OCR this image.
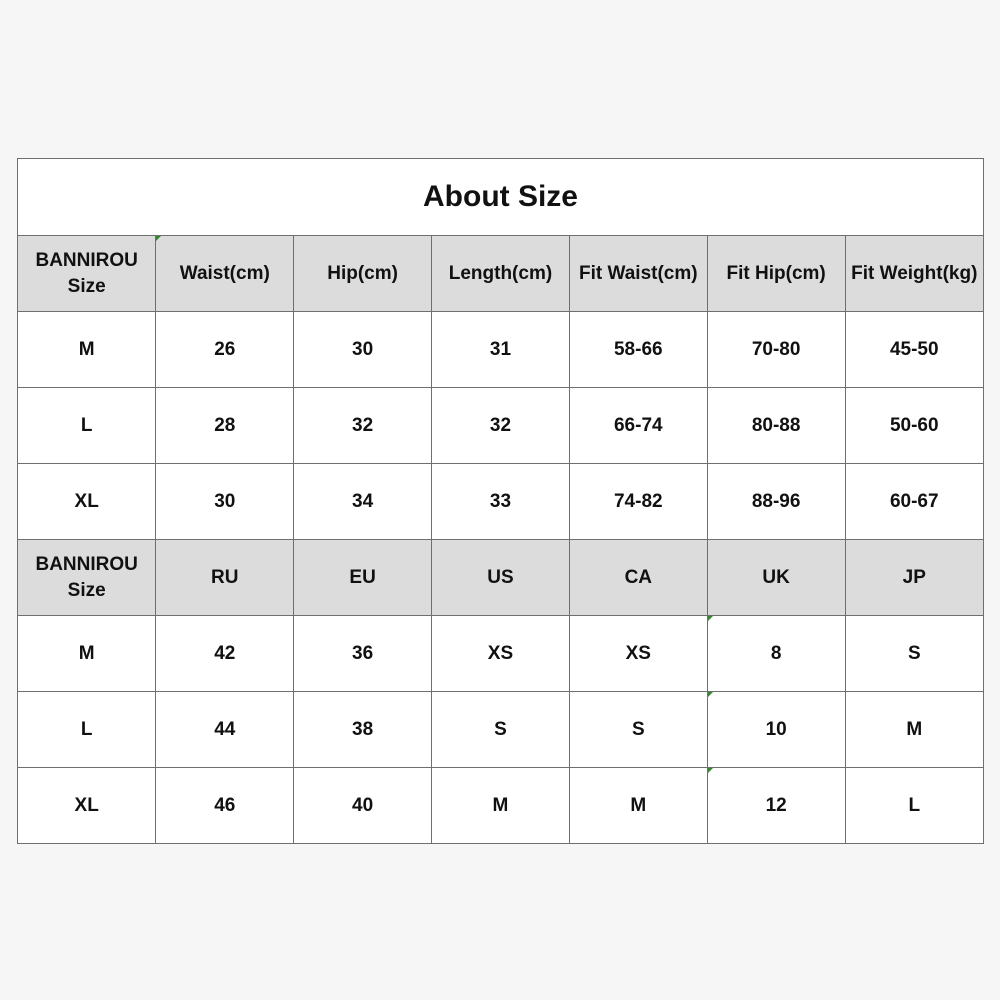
About Size
BANNIROU Size	Waist(cm)	Hip(cm)	Length(cm)	Fit Waist(cm)	Fit Hip(cm)	Fit Weight(kg)
M	26	30	31	58-66	70-80	45-50
L	28	32	32	66-74	80-88	50-60
XL	30	34	33	74-82	88-96	60-67
BANNIROU Size	RU	EU	US	CA	UK	JP
M	42	36	XS	XS	8	S
L	44	38	S	S	10	M
XL	46	40	M	M	12	L
